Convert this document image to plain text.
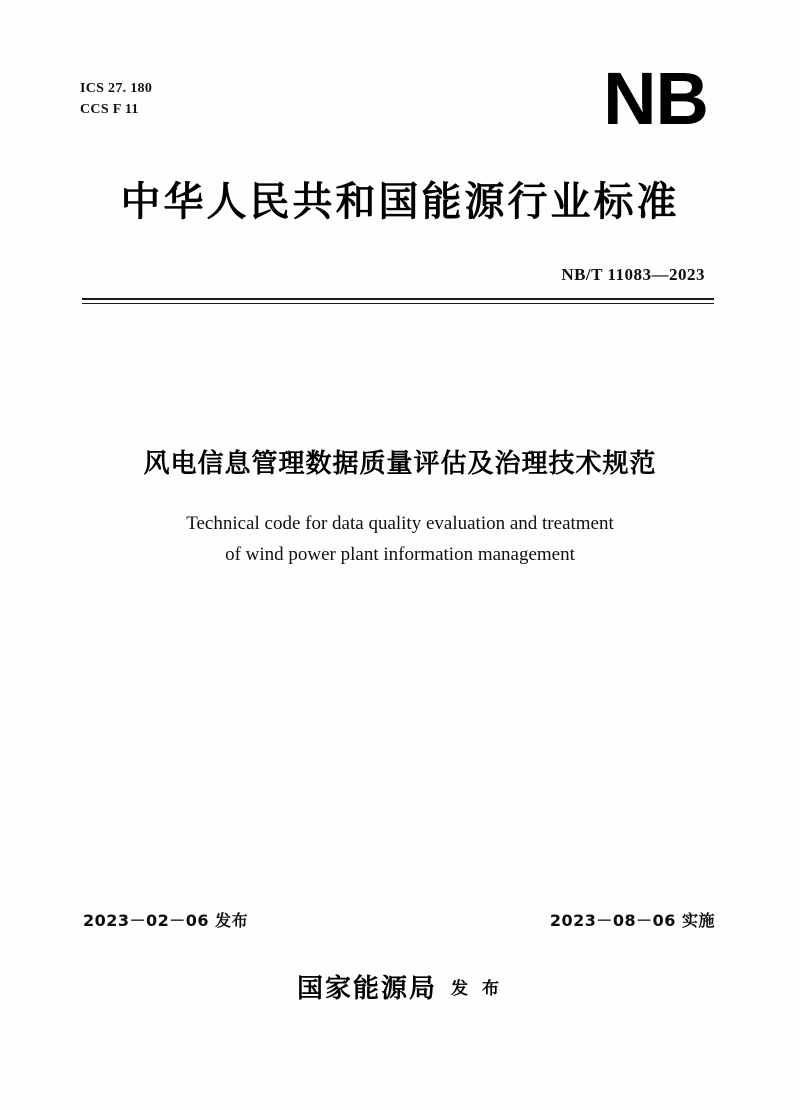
ICS 27. 180
CCS F 11	NB
中华人民共和国能源行业标准
NB/T 11083—2023
风电信息管理数据质量评估及治理技术规范
Technical code for data quality evaluation and treatment
of wind power plant information management
2023－02－06 发布	2023－08－06 实施
国家能源局 发 布
